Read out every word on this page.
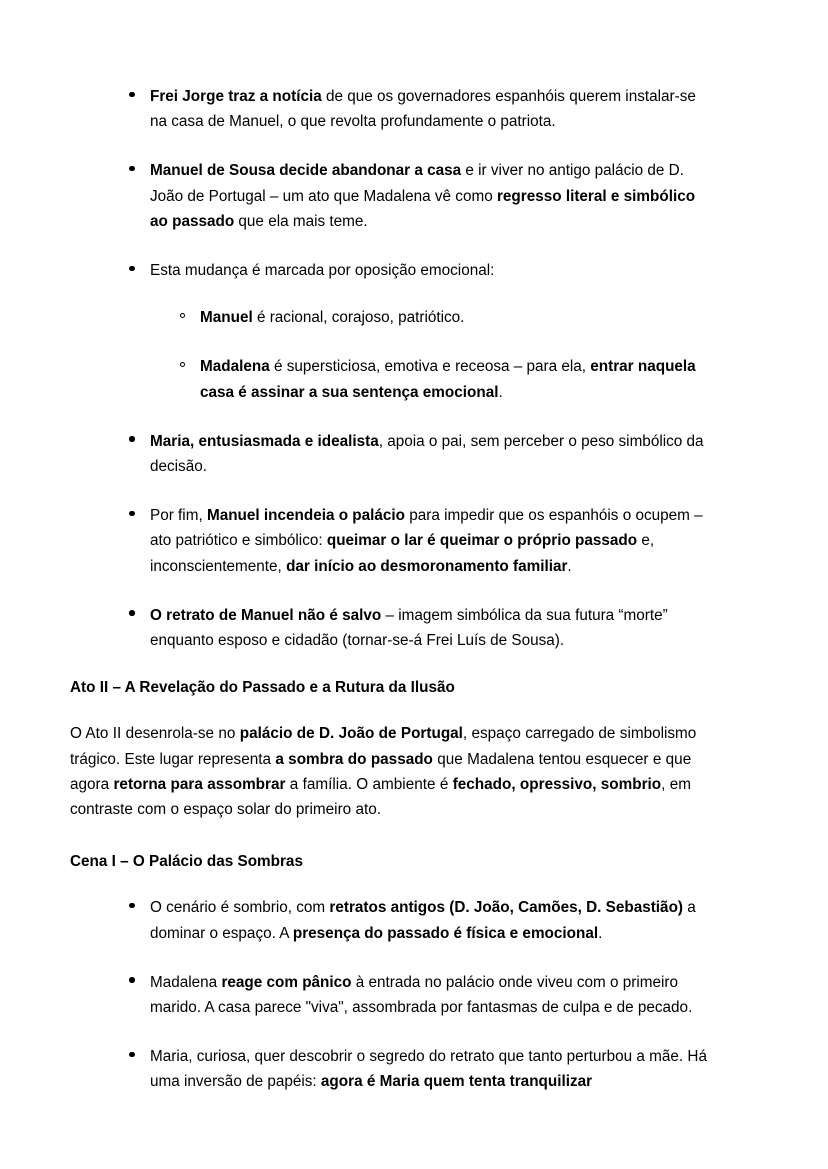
Frei Jorge traz a notícia de que os governadores espanhóis querem instalar-se na casa de Manuel, o que revolta profundamente o patriota.
Manuel de Sousa decide abandonar a casa e ir viver no antigo palácio de D. João de Portugal – um ato que Madalena vê como regresso literal e simbólico ao passado que ela mais teme.
Esta mudança é marcada por oposição emocional:
Manuel é racional, corajoso, patriótico.
Madalena é supersticiosa, emotiva e receosa – para ela, entrar naquela casa é assinar a sua sentença emocional.
Maria, entusiasmada e idealista, apoia o pai, sem perceber o peso simbólico da decisão.
Por fim, Manuel incendeia o palácio para impedir que os espanhóis o ocupem – ato patriótico e simbólico: queimar o lar é queimar o próprio passado e, inconscientemente, dar início ao desmoronamento familiar.
O retrato de Manuel não é salvo – imagem simbólica da sua futura “morte” enquanto esposo e cidadão (tornar-se-á Frei Luís de Sousa).
Ato II – A Revelação do Passado e a Rutura da Ilusão

O Ato II desenrola-se no palácio de D. João de Portugal, espaço carregado de simbolismo trágico. Este lugar representa a sombra do passado que Madalena tentou esquecer e que agora retorna para assombrar a família. O ambiente é fechado, opressivo, sombrio, em contraste com o espaço solar do primeiro ato.

Cena I – O Palácio das Sombras
O cenário é sombrio, com retratos antigos (D. João, Camões, D. Sebastião) a dominar o espaço. A presença do passado é física e emocional.
Madalena reage com pânico à entrada no palácio onde viveu com o primeiro marido. A casa parece "viva", assombrada por fantasmas de culpa e de pecado.
Maria, curiosa, quer descobrir o segredo do retrato que tanto perturbou a mãe. Há uma inversão de papéis: agora é Maria quem tenta tranquilizar
